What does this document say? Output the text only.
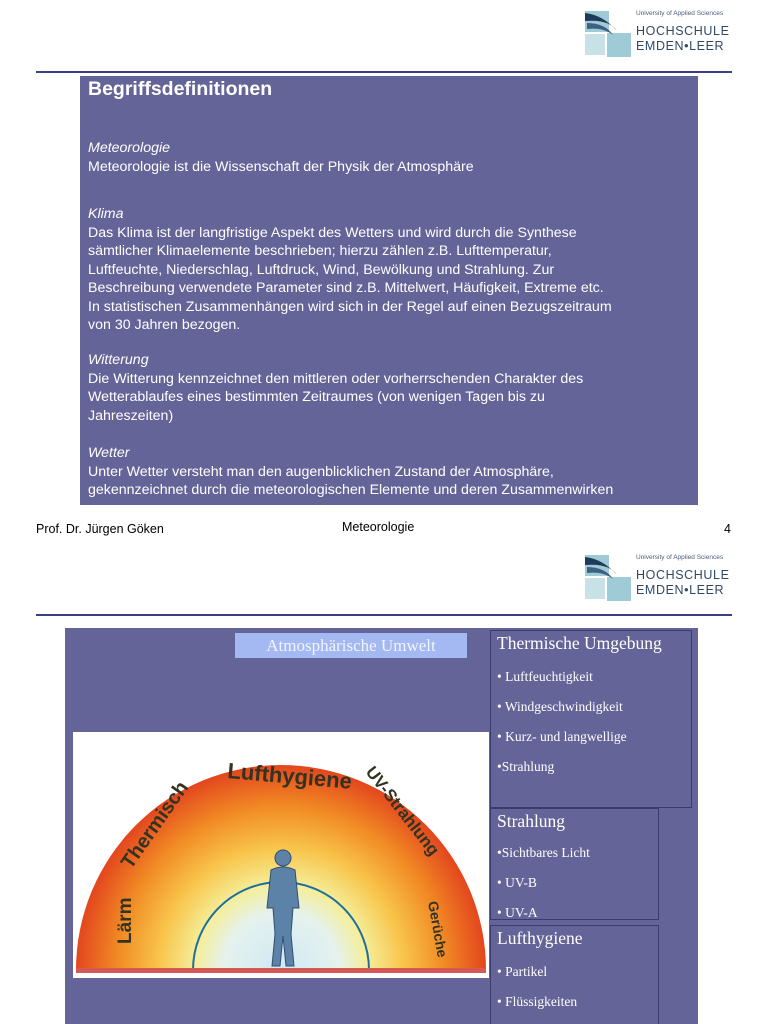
University of Applied Sciences
HOCHSCHULE
EMDEN•LEER
Begriffsdefinitionen
Meteorologie
Meteorologie ist die Wissenschaft der Physik der Atmosphäre
Klima
Das Klima ist der langfristige Aspekt des Wetters und wird durch die Synthese
sämtlicher Klimaelemente beschrieben; hierzu zählen z.B. Lufttemperatur,
Luftfeuchte, Niederschlag, Luftdruck, Wind, Bewölkung und Strahlung. Zur
Beschreibung verwendete Parameter sind z.B. Mittelwert, Häufigkeit, Extreme etc.
In statistischen Zusammenhängen wird sich in der Regel auf einen Bezugszeitraum
von 30 Jahren bezogen.
Witterung
Die Witterung kennzeichnet den mittleren oder vorherrschenden Charakter des
Wetterablaufes eines bestimmten Zeitraumes (von wenigen Tagen bis zu
Jahreszeiten)
Wetter
Unter Wetter versteht man den augenblicklichen Zustand der Atmosphäre,
gekennzeichnet durch die meteorologischen Elemente und deren Zusammenwirken
Prof. Dr. Jürgen Göken	Meteorologie	4
University of Applied Sciences
HOCHSCHULE
EMDEN•LEER
Atmosphärische Umwelt
Lärm
Thermisch
Lufthygiene UV-Strahlung
Gerüche
Thermische Umgebung
• Luftfeuchtigkeit
• Windgeschwindigkeit
• Kurz- und langwellige
•Strahlung
Strahlung
•Sichtbares Licht
• UV-B
• UV-A
Lufthygiene
• Partikel
• Flüssigkeiten
